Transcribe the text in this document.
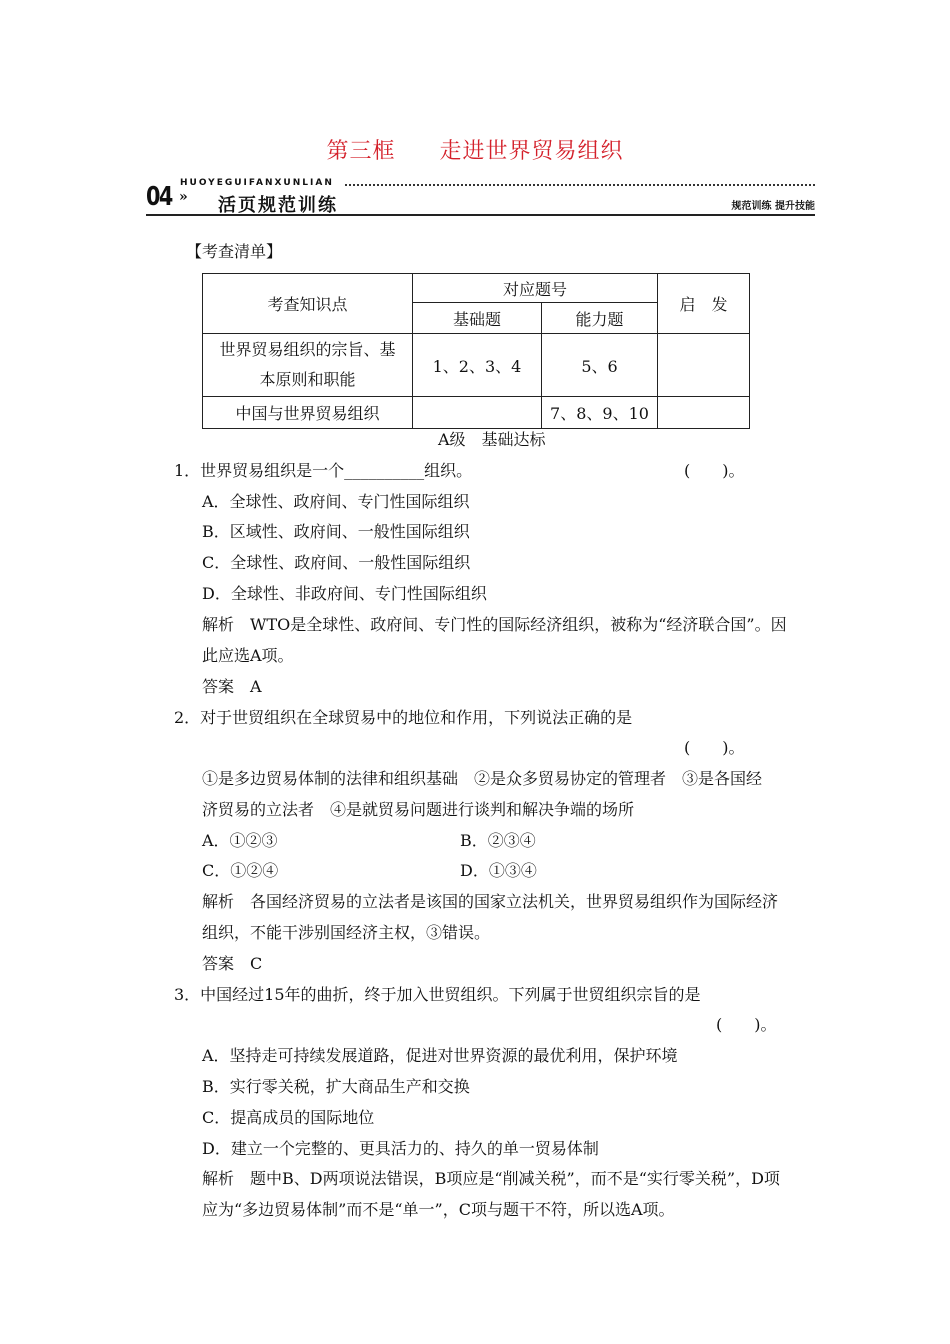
第三框 走进世界贸易组织
04 »
HUOYEGUIFANXUNLIAN
活页规范训练	规范训练 提升技能
【考查清单】
考查知识点	对应题号		启　发
	基础题	能力题	
世界贸易组织的宗旨、基
本原则和职能	1、2、3、4	5、6	
中国与世界贸易组织		7、8、9、10	
A级　基础达标
1．世界贸易组织是一个__________组织。	(　　)。
A．全球性、政府间、专门性国际组织
B．区域性、政府间、一般性国际组织
C．全球性、政府间、一般性国际组织
D．全球性、非政府间、专门性国际组织
解析　WTO是全球性、政府间、专门性的国际经济组织，被称为“经济联合国”。因
此应选A项。
答案　A
2．对于世贸组织在全球贸易中的地位和作用，下列说法正确的是
(　　)。
①是多边贸易体制的法律和组织基础　②是众多贸易协定的管理者　③是各国经
济贸易的立法者　④是就贸易问题进行谈判和解决争端的场所
A．①②③	B．②③④
C．①②④	D．①③④
解析　各国经济贸易的立法者是该国的国家立法机关，世界贸易组织作为国际经济
组织，不能干涉别国经济主权，③错误。
答案　C
3．中国经过15年的曲折，终于加入世贸组织。下列属于世贸组织宗旨的是
(　　)。
A．坚持走可持续发展道路，促进对世界资源的最优利用，保护环境
B．实行零关税，扩大商品生产和交换
C．提高成员的国际地位
D．建立一个完整的、更具活力的、持久的单一贸易体制
解析　题中B、D两项说法错误，B项应是“削减关税”，而不是“实行零关税”，D项
应为“多边贸易体制”而不是“单一”，C项与题干不符，所以选A项。
